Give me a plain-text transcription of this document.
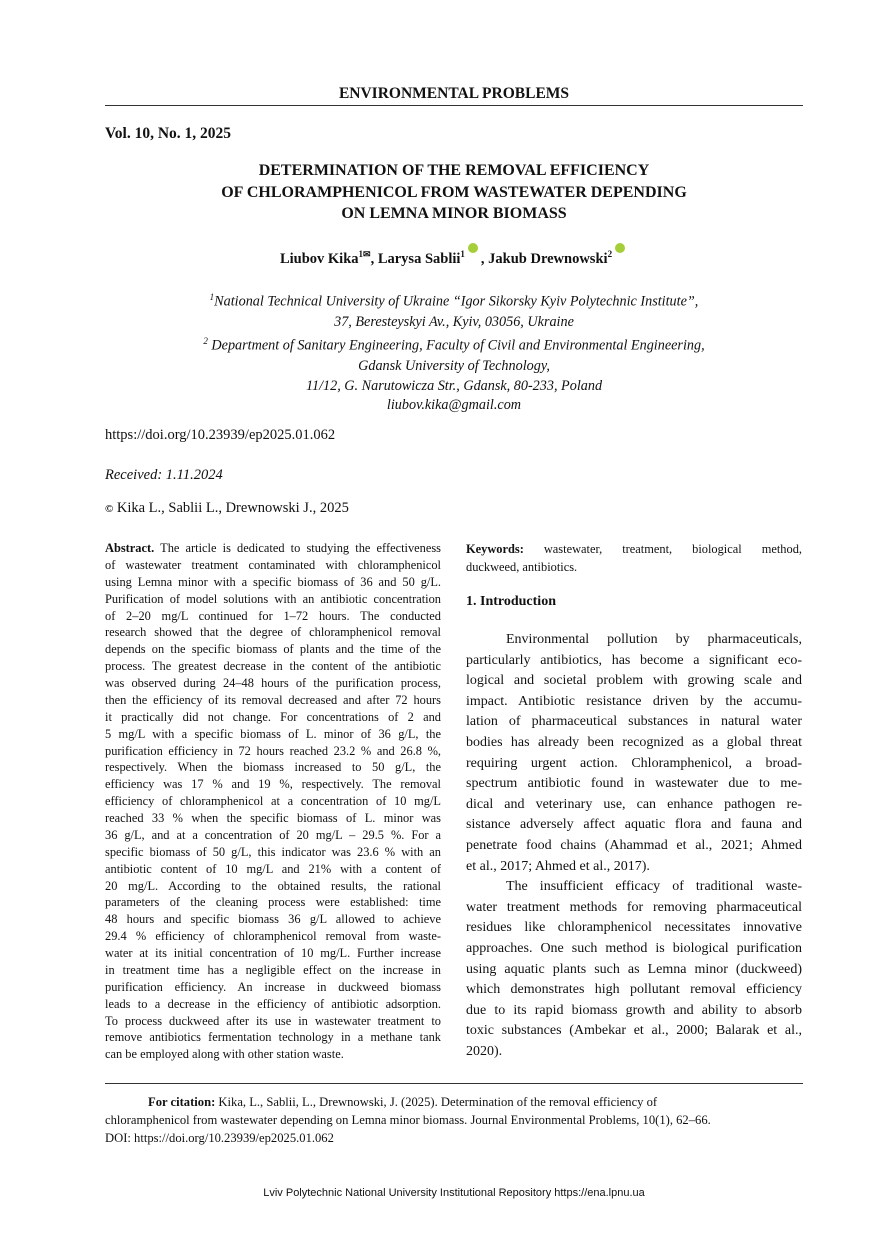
ENVIRONMENTAL PROBLEMS
Vol. 10, No. 1, 2025
DETERMINATION OF THE REMOVAL EFFICIENCY
OF CHLORAMPHENICOL FROM WASTEWATER DEPENDING
ON LEMNA MINOR BIOMASS
Liubov Kika$^1$✉, Larysa Sablii$^1$ , Jakub Drewnowski$^2$
$^1$National Technical University of Ukraine “Igor Sikorsky Kyiv Polytechnic Institute”,
37, Beresteyskyi Av., Kyiv, 03056, Ukraine
$^2$ Department of Sanitary Engineering, Faculty of Civil and Environmental Engineering,
Gdansk University of Technology,
11/12, G. Narutowicza Str., Gdansk, 80-233, Poland
liubov.kika@gmail.com
https://doi.org/10.23939/ep2025.01.062
Received: 1.11.2024
© Kika L., Sablii L., Drewnowski J., 2025
Abstract. The article is dedicated to studying the effectiveness
of wastewater treatment contaminated with chloramphenicol
using Lemna minor with a specific biomass of 36 and 50 g/L.
Purification of model solutions with an antibiotic concentration
of 2–20 mg/L continued for 1–72 hours. The conducted
research showed that the degree of chloramphenicol removal
depends on the specific biomass of plants and the time of the
process. The greatest decrease in the content of the antibiotic
was observed during 24–48 hours of the purification process,
then the efficiency of its removal decreased and after 72 hours
it practically did not change. For concentrations of 2 and
5 mg/L with a specific biomass of L. minor of 36 g/L, the
purification efficiency in 72 hours reached 23.2 % and 26.8 %,
respectively. When the biomass increased to 50 g/L, the
efficiency was 17 % and 19 %, respectively. The removal
efficiency of chloramphenicol at a concentration of 10 mg/L
reached 33 % when the specific biomass of L. minor was
36 g/L, and at a concentration of 20 mg/L – 29.5 %. For a
specific biomass of 50 g/L, this indicator was 23.6 % with an
antibiotic content of 10 mg/L and 21% with a content of
20 mg/L. According to the obtained results, the rational
parameters of the cleaning process were established: time
48 hours and specific biomass 36 g/L allowed to achieve
29.4 % efficiency of chloramphenicol removal from waste-
water at its initial concentration of 10 mg/L. Further increase
in treatment time has a negligible effect on the increase in
purification efficiency. An increase in duckweed biomass
leads to a decrease in the efficiency of antibiotic adsorption.
To process duckweed after its use in wastewater treatment to
remove antibiotics fermentation technology in a methane tank
can be employed along with other station waste.
Keywords: wastewater, treatment, biological method,
duckweed, antibiotics.
1. Introduction
Environmental pollution by pharmaceuticals,
particularly antibiotics, has become a significant eco-
logical and societal problem with growing scale and
impact. Antibiotic resistance driven by the accumu-
lation of pharmaceutical substances in natural water
bodies has already been recognized as a global threat
requiring urgent action. Chloramphenicol, a broad-
spectrum antibiotic found in wastewater due to me-
dical and veterinary use, can enhance pathogen re-
sistance adversely affect aquatic flora and fauna and
penetrate food chains (Ahammad et al., 2021; Ahmed
et al., 2017; Ahmed et al., 2017).
The insufficient efficacy of traditional waste-
water treatment methods for removing pharmaceutical
residues like chloramphenicol necessitates innovative
approaches. One such method is biological purification
using aquatic plants such as Lemna minor (duckweed)
which demonstrates high pollutant removal efficiency
due to its rapid biomass growth and ability to absorb
toxic substances (Ambekar et al., 2000; Balarak et al.,
2020).
For citation: Kika, L., Sablii, L., Drewnowski, J. (2025). Determination of the removal efficiency of
chloramphenicol from wastewater depending on Lemna minor biomass. Journal Environmental Problems, 10(1), 62–66.
DOI: https://doi.org/10.23939/ep2025.01.062
Lviv Polytechnic National University Institutional Repository https://ena.lpnu.ua
